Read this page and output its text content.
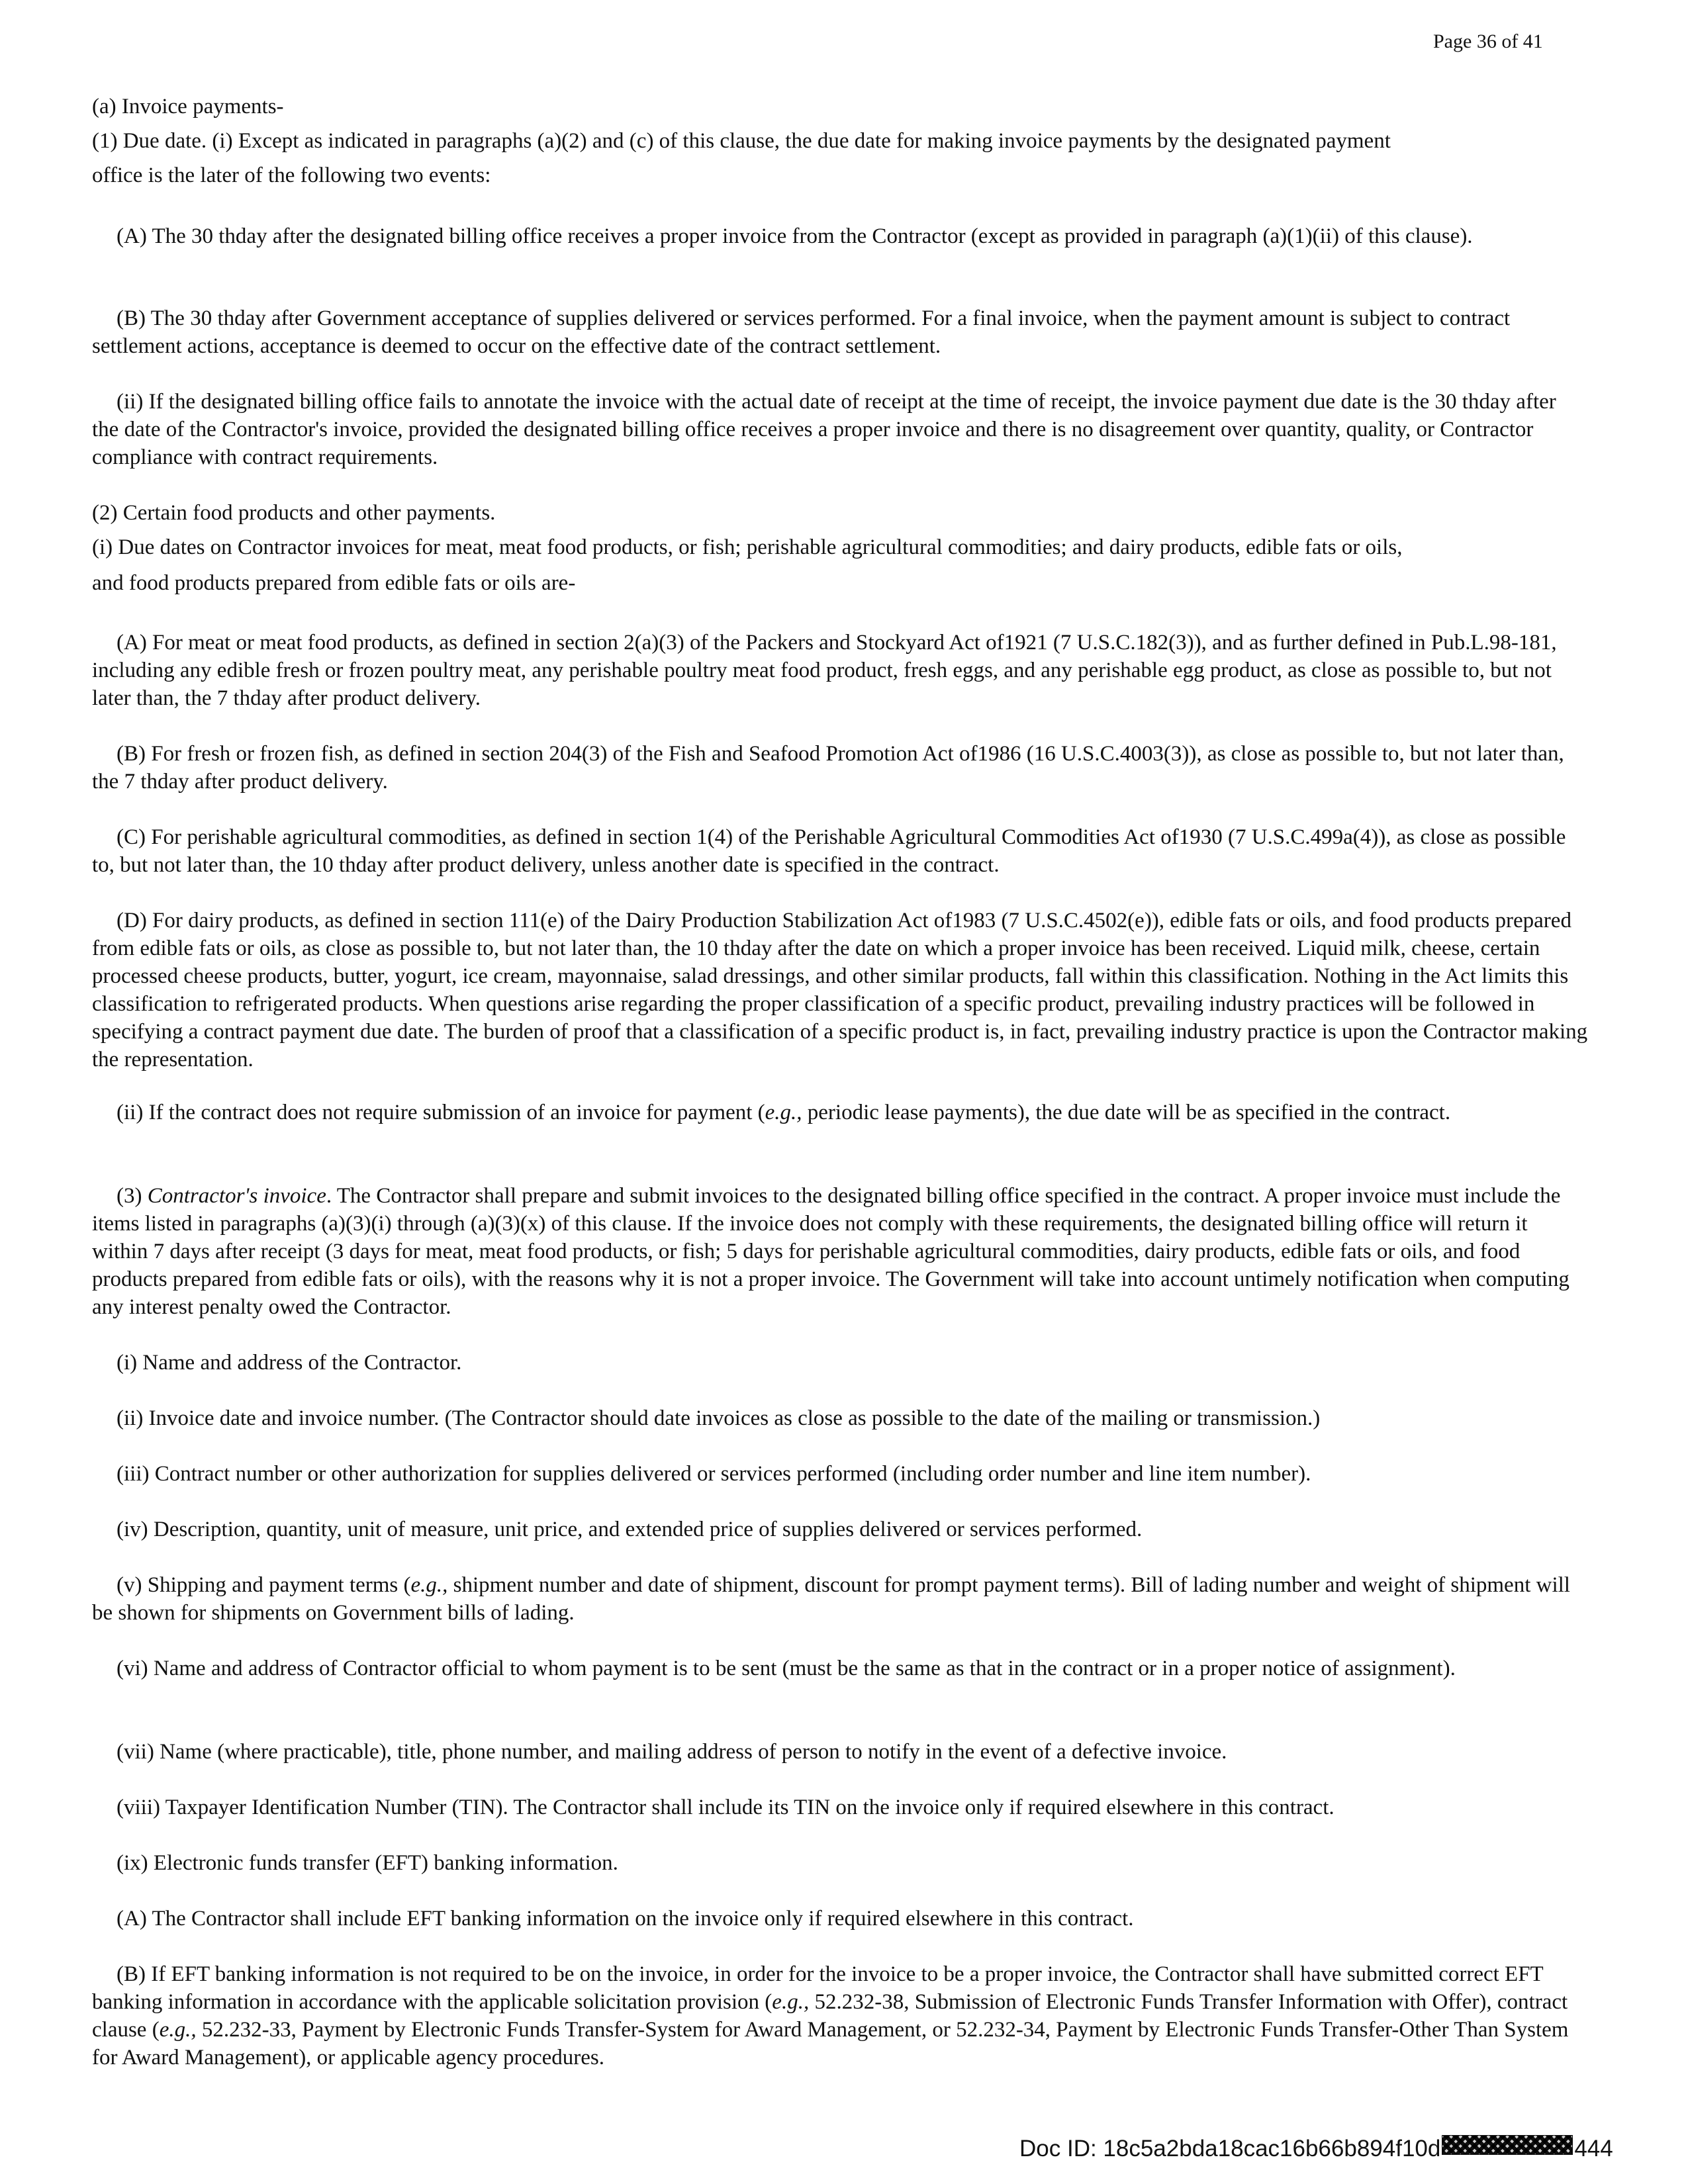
Page 36 of 41

(a) Invoice payments-

(1) Due date. (i) Except as indicated in paragraphs (a)(2) and (c) of this clause, the due date for making invoice payments by the designated payment

office is the later of the following two events:

(A) The 30 thday after the designated billing office receives a proper invoice from the Contractor (except as provided in paragraph (a)(1)(ii) of this clause).

(B) The 30 thday after Government acceptance of supplies delivered or services performed. For a final invoice, when the payment amount is subject to contract settlement actions, acceptance is deemed to occur on the effective date of the contract settlement.

(ii) If the designated billing office fails to annotate the invoice with the actual date of receipt at the time of receipt, the invoice payment due date is the 30 thday after the date of the Contractor's invoice, provided the designated billing office receives a proper invoice and there is no disagreement over quantity, quality, or Contractor compliance with contract requirements.

(2) Certain food products and other payments.

(i) Due dates on Contractor invoices for meat, meat food products, or fish; perishable agricultural commodities; and dairy products, edible fats or oils,

and food products prepared from edible fats or oils are-

(A) For meat or meat food products, as defined in section 2(a)(3) of the Packers and Stockyard Act of1921 (7 U.S.C.182(3)), and as further defined in Pub.L.98-181, including any edible fresh or frozen poultry meat, any perishable poultry meat food product, fresh eggs, and any perishable egg product, as close as possible to, but not later than, the 7 thday after product delivery.

(B) For fresh or frozen fish, as defined in section 204(3) of the Fish and Seafood Promotion Act of1986 (16 U.S.C.4003(3)), as close as possible to, but not later than, the 7 thday after product delivery.

(C) For perishable agricultural commodities, as defined in section 1(4) of the Perishable Agricultural Commodities Act of1930 (7 U.S.C.499a(4)), as close as possible to, but not later than, the 10 thday after product delivery, unless another date is specified in the contract.

(D) For dairy products, as defined in section 111(e) of the Dairy Production Stabilization Act of1983 (7 U.S.C.4502(e)), edible fats or oils, and food products prepared from edible fats or oils, as close as possible to, but not later than, the 10 thday after the date on which a proper invoice has been received. Liquid milk, cheese, certain processed cheese products, butter, yogurt, ice cream, mayonnaise, salad dressings, and other similar products, fall within this classification. Nothing in the Act limits this classification to refrigerated products. When questions arise regarding the proper classification of a specific product, prevailing industry practices will be followed in specifying a contract payment due date. The burden of proof that a classification of a specific product is, in fact, prevailing industry practice is upon the Contractor making the representation.

(ii) If the contract does not require submission of an invoice for payment (e.g., periodic lease payments), the due date will be as specified in the contract.

(3) Contractor's invoice. The Contractor shall prepare and submit invoices to the designated billing office specified in the contract. A proper invoice must include the items listed in paragraphs (a)(3)(i) through (a)(3)(x) of this clause. If the invoice does not comply with these requirements, the designated billing office will return it within 7 days after receipt (3 days for meat, meat food products, or fish; 5 days for perishable agricultural commodities, dairy products, edible fats or oils, and food products prepared from edible fats or oils), with the reasons why it is not a proper invoice. The Government will take into account untimely notification when computing any interest penalty owed the Contractor.

(i) Name and address of the Contractor.

(ii) Invoice date and invoice number. (The Contractor should date invoices as close as possible to the date of the mailing or transmission.)

(iii) Contract number or other authorization for supplies delivered or services performed (including order number and line item number).

(iv) Description, quantity, unit of measure, unit price, and extended price of supplies delivered or services performed.

(v) Shipping and payment terms (e.g., shipment number and date of shipment, discount for prompt payment terms). Bill of lading number and weight of shipment will be shown for shipments on Government bills of lading.

(vi) Name and address of Contractor official to whom payment is to be sent (must be the same as that in the contract or in a proper notice of assignment).

(vii) Name (where practicable), title, phone number, and mailing address of person to notify in the event of a defective invoice.

(viii) Taxpayer Identification Number (TIN). The Contractor shall include its TIN on the invoice only if required elsewhere in this contract.

(ix) Electronic funds transfer (EFT) banking information.

(A) The Contractor shall include EFT banking information on the invoice only if required elsewhere in this contract.

(B) If EFT banking information is not required to be on the invoice, in order for the invoice to be a proper invoice, the Contractor shall have submitted correct EFT banking information in accordance with the applicable solicitation provision (e.g., 52.232-38, Submission of Electronic Funds Transfer Information with Offer), contract clause (e.g., 52.232-33, Payment by Electronic Funds Transfer-System for Award Management, or 52.232-34, Payment by Electronic Funds Transfer-Other Than System for Award Management), or applicable agency procedures.

Doc ID: 18c5a2bda18cac16b66b894f10d	444
